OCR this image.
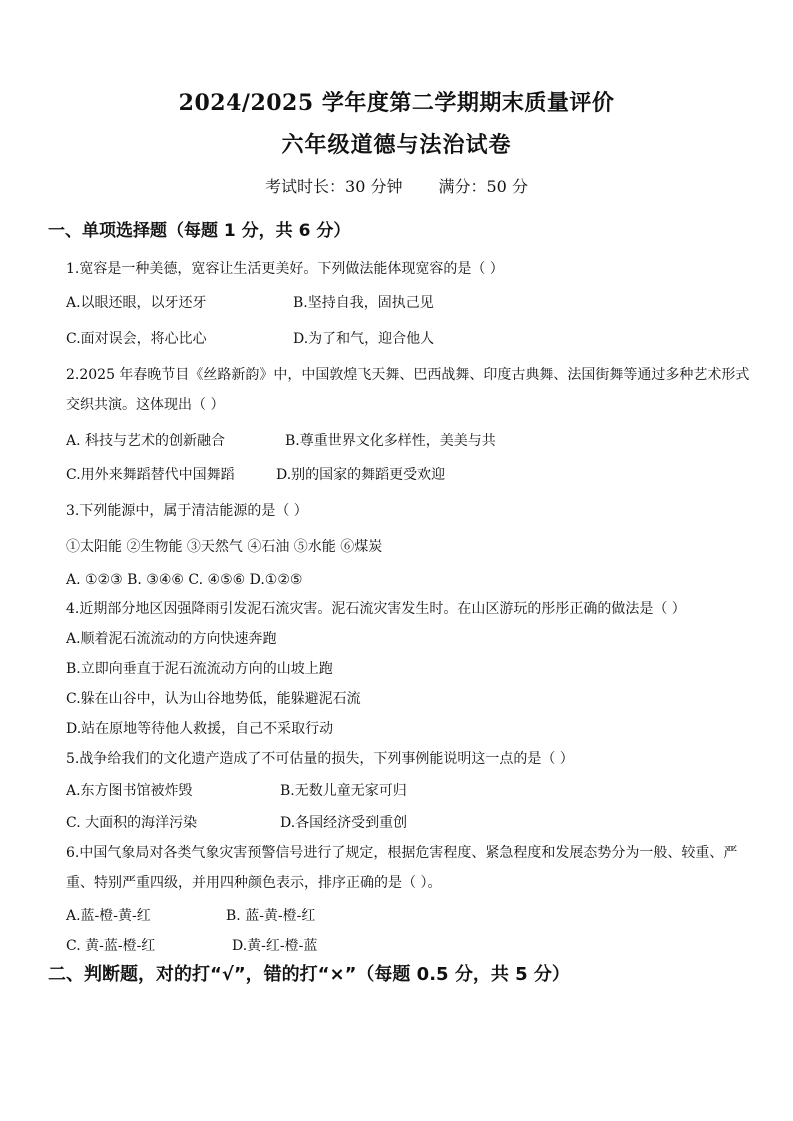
2024/2025 学年度第二学期期末质量评价
六年级道德与法治试卷
考试时长：30 分钟 满分：50 分
一、单项选择题（每题 1 分，共 6 分）
1.宽容是一种美德，宽容让生活更美好。下列做法能体现宽容的是（ ）
A.以眼还眼，以牙还牙	B.坚持自我，固执己见
C.面对误会，将心比心	D.为了和气，迎合他人
2.2025 年春晚节目《丝路新韵》中，中国敦煌飞天舞、巴西战舞、印度古典舞、法国街舞等通过多种艺术形式
交织共演。这体现出（ ）
A. 科技与艺术的创新融合	B.尊重世界文化多样性，美美与共
C.用外来舞蹈替代中国舞蹈	D.别的国家的舞蹈更受欢迎
3.下列能源中，属于清洁能源的是（ ）
①太阳能 ②生物能 ③天然气 ④石油 ⑤水能 ⑥煤炭
A. ①②③ B. ③④⑥ C. ④⑤⑥ D.①②⑤
4.近期部分地区因强降雨引发泥石流灾害。泥石流灾害发生时。在山区游玩的彤彤正确的做法是（ ）
A.顺着泥石流流动的方向快速奔跑
B.立即向垂直于泥石流流动方向的山坡上跑
C.躲在山谷中，认为山谷地势低，能躲避泥石流
D.站在原地等待他人救援，自己不采取行动
5.战争给我们的文化遗产造成了不可估量的损失，下列事例能说明这一点的是（ ）
A.东方图书馆被炸毁	B.无数儿童无家可归
C. 大面积的海洋污染	D.各国经济受到重创
6.中国气象局对各类气象灾害预警信号进行了规定，根据危害程度、紧急程度和发展态势分为一般、较重、严
重、特别严重四级，并用四种颜色表示，排序正确的是（ ）。
A.蓝-橙-黄-红	B. 蓝-黄-橙-红
C. 黄-蓝-橙-红	D.黄-红-橙-蓝
二、判断题，对的打“√”，错的打“×”（每题 0.5 分，共 5 分）
